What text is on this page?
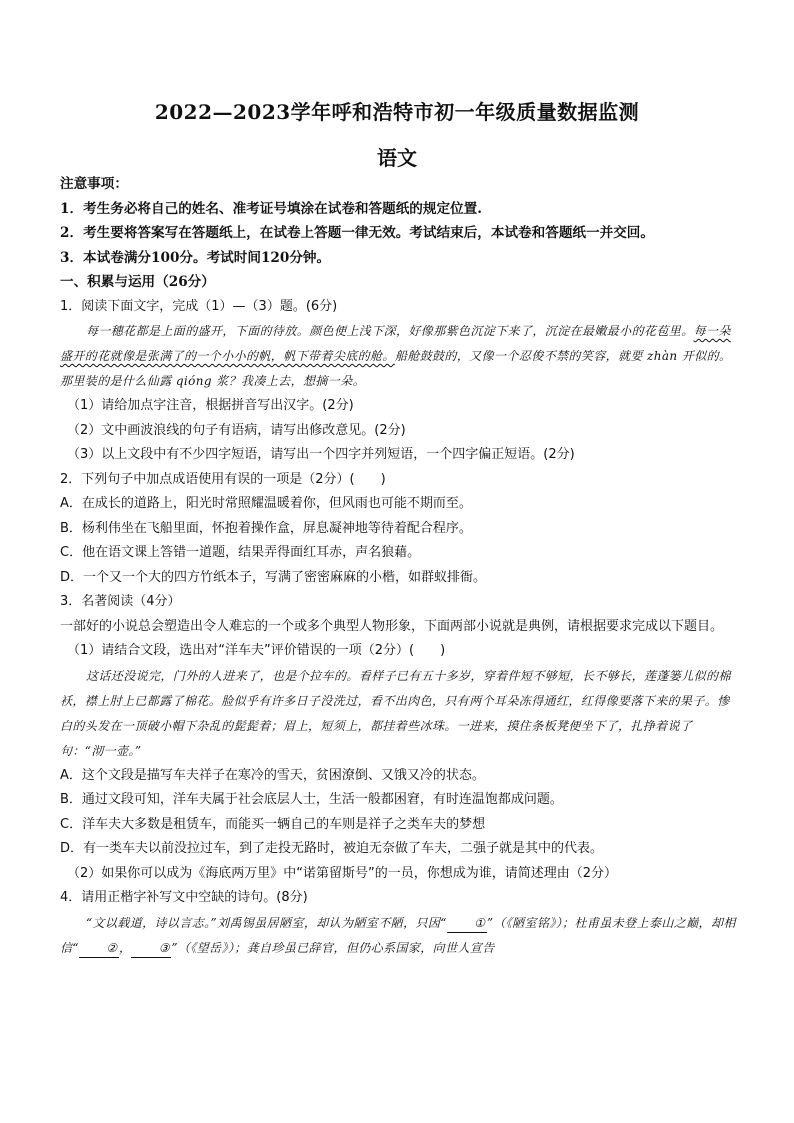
2022—2023学年呼和浩特市初一年级质量数据监测
语文

注意事项：

1．考生务必将自己的姓名、准考证号填涂在试卷和答题纸的规定位置.

2．考生要将答案写在答题纸上，在试卷上答题一律无效。考试结束后，本试卷和答题纸一并交回。

3．本试卷满分100分。考试时间120分钟。

一、积累与运用（26分）

1．阅读下面文字，完成（1）—（3）题。(6分)

每一穗花都是上面的盛开，下面的待放。颜色便上浅下深，好像那紫色沉淀下来了，沉淀在最嫩最小的花苞里。每一朵盛开的花就像是张满了的一个小小的帆，帆下带着尖底的舱。船舱鼓鼓的，又像一个忍俊不禁的笑容，就要 zhàn 开似的。那里装的是什么仙露 qióng 浆？我凑上去，想摘一朵。

（1）请给加点字注音，根据拼音写出汉字。(2分)

（2）文中画波浪线的句子有语病，请写出修改意见。(2分)

（3）以上文段中有不少四字短语，请写出一个四字并列短语，一个四字偏正短语。(2分)

2．下列句子中加点成语使用有误的一项是（2分）(　　)

A．在成长的道路上，阳光时常照耀温暖着你，但风雨也可能不期而至。

B．杨利伟坐在飞船里面，怀抱着操作盒，屏息凝神地等待着配合程序。

C．他在语文课上答错一道题，结果弄得面红耳赤，声名狼藉。

D．一个又一个大的四方竹纸本子，写满了密密麻麻的小楷，如群蚁排衙。

3．名著阅读（4分）

一部好的小说总会塑造出令人难忘的一个或多个典型人物形象，下面两部小说就是典例，请根据要求完成以下题目。

（1）请结合文段，选出对“洋车夫”评价错误的一项（2分）(　　)

这话还没说完，门外的人进来了，也是个拉车的。看样子已有五十多岁，穿着件短不够短，长不够长，莲蓬篓儿似的棉袄，襟上肘上已都露了棉花。脸似乎有许多日子没洗过，看不出肉色，只有两个耳朵冻得通红，红得像要落下来的果子。惨白的头发在一顶破小帽下杂乱的髭髭着；眉上，短须上，都挂着些冰珠。一进来，摸住条板凳便坐下了，扎挣着说了句：“沏一壶。”

A．这个文段是描写车夫祥子在寒冷的雪天，贫困潦倒、又饿又冷的状态。

B．通过文段可知，洋车夫属于社会底层人士，生活一般都困窘，有时连温饱都成问题。

C．洋车夫大多数是租赁车，而能买一辆自己的车则是祥子之类车夫的梦想

D．有一类车夫以前没拉过车，到了走投无路时，被迫无奈做了车夫，二强子就是其中的代表。

（2）如果你可以成为《海底两万里》中“诺第留斯号”的一员，你想成为谁，请简述理由（2分）

4．请用正楷字补写文中空缺的诗句。(8分)

“文以载道，诗以言志。”刘禹锡虽居陋室，却认为陋室不陋，只因“ ①”（《陋室铭》）；杜甫虽未登上泰山之巅，却相信“ ②， ③”（《望岳》）；龚自珍虽已辞官，但仍心系国家，向世人宣告
